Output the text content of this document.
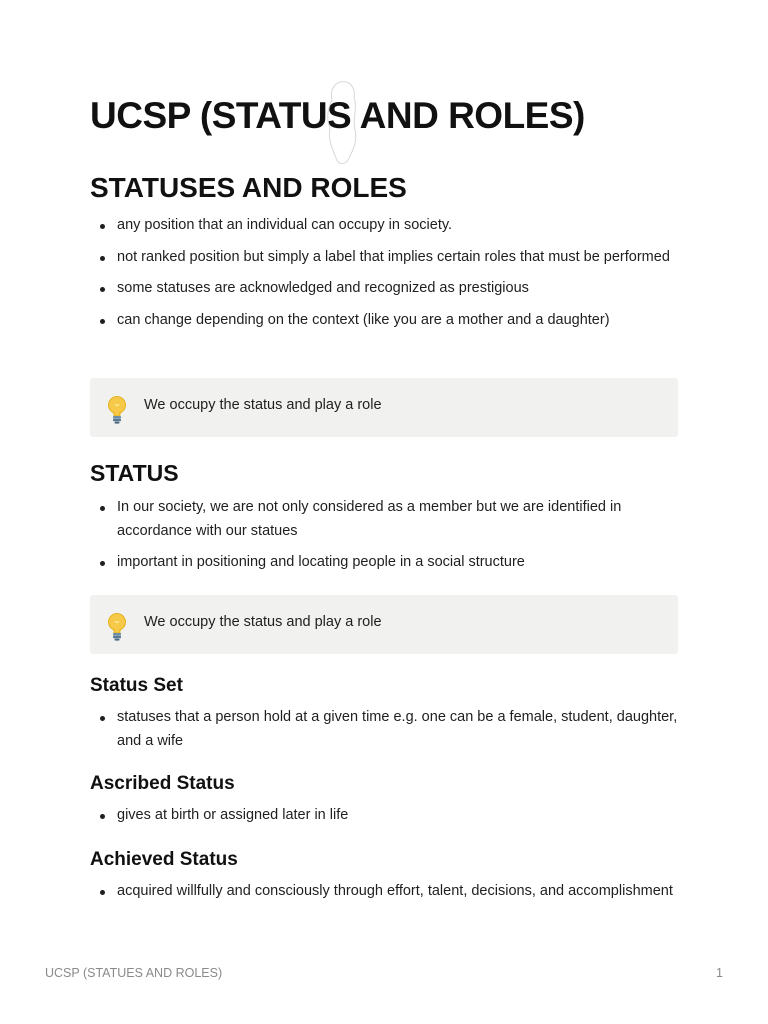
UCSP (STATUS AND ROLES)
STATUSES AND ROLES
any position that an individual can occupy in society.
not ranked position but simply a label that implies certain roles that must be performed
some statuses are acknowledged and recognized as prestigious
can change depending on the context (like you are a mother and a daughter)
We occupy the status and play a role
STATUS
In our society, we are not only considered as a member but we are identified in accordance with our statues
important in positioning and locating people in a social structure
We occupy the status and play a role
Status Set
statuses that a person hold at a given time e.g. one can be a female, student, daughter, and a wife
Ascribed Status
gives at birth or assigned later in life
Achieved Status
acquired willfully and consciously through effort, talent, decisions, and accomplishment
UCSP (STATUES AND ROLES)	1
